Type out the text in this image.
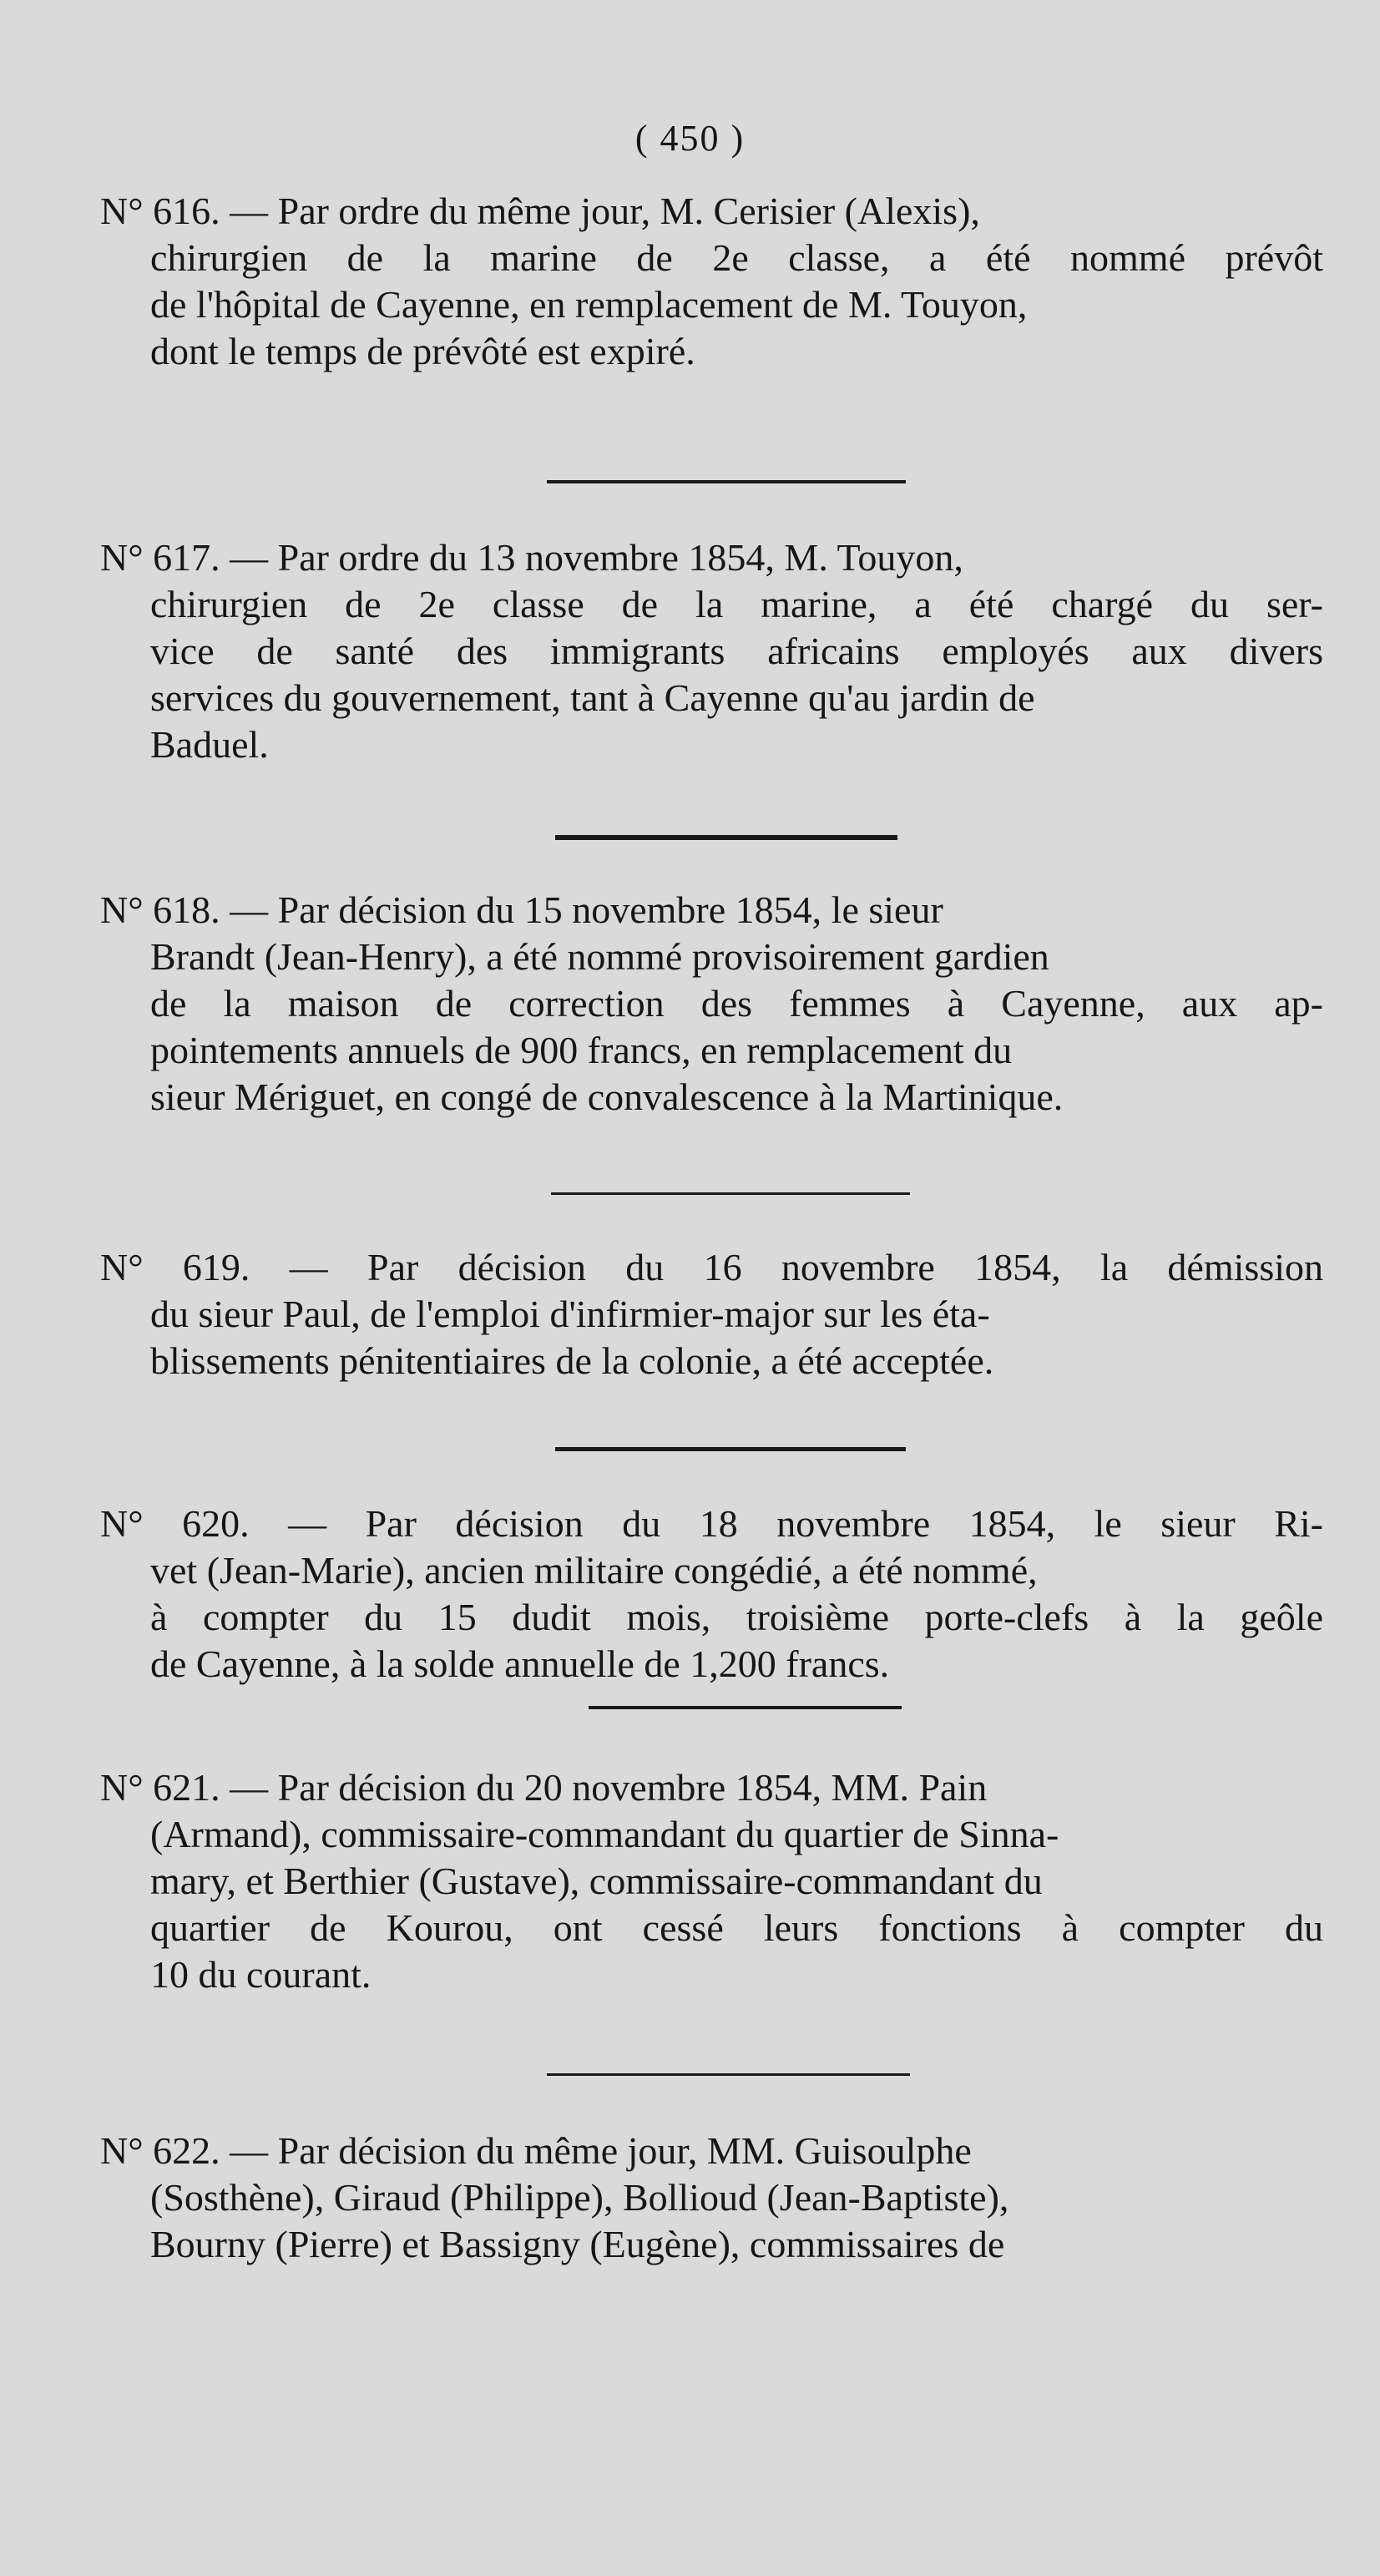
( 450 )
N° 616. — Par ordre du même jour, M. Cerisier (Alexis),
chirurgien de la marine de 2e classe, a été nommé prévôt
de l'hôpital de Cayenne, en remplacement de M. Touyon,
dont le temps de prévôté est expiré.
N° 617. — Par ordre du 13 novembre 1854, M. Touyon,
chirurgien de 2e classe de la marine, a été chargé du ser-
vice de santé des immigrants africains employés aux divers
services du gouvernement, tant à Cayenne qu'au jardin de
Baduel.
N° 618. — Par décision du 15 novembre 1854, le sieur
Brandt (Jean-Henry), a été nommé provisoirement gardien
de la maison de correction des femmes à Cayenne, aux ap-
pointements annuels de 900 francs, en remplacement du
sieur Mériguet, en congé de convalescence à la Martinique.
N° 619. — Par décision du 16 novembre 1854, la démission
du sieur Paul, de l'emploi d'infirmier-major sur les éta-
blissements pénitentiaires de la colonie, a été acceptée.
N° 620. — Par décision du 18 novembre 1854, le sieur Ri-
vet (Jean-Marie), ancien militaire congédié, a été nommé,
à compter du 15 dudit mois, troisième porte-clefs à la geôle
de Cayenne, à la solde annuelle de 1,200 francs.
N° 621. — Par décision du 20 novembre 1854, MM. Pain
(Armand), commissaire-commandant du quartier de Sinna-
mary, et Berthier (Gustave), commissaire-commandant du
quartier de Kourou, ont cessé leurs fonctions à compter du
10 du courant.
N° 622. — Par décision du même jour, MM. Guisoulphe
(Sosthène), Giraud (Philippe), Bollioud (Jean-Baptiste),
Bourny (Pierre) et Bassigny (Eugène), commissaires de
